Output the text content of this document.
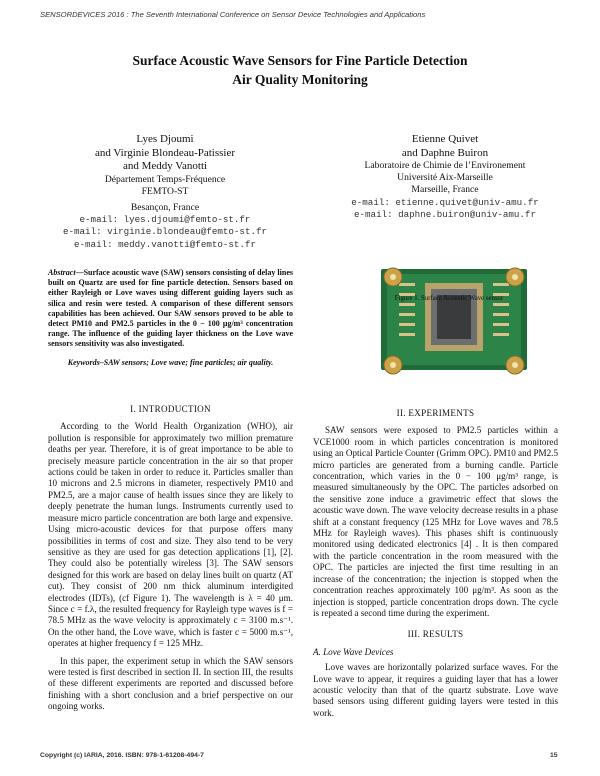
SENSORDEVICES 2016 : The Seventh International Conference on Sensor Device Technologies and Applications
Surface Acoustic Wave Sensors for Fine Particle Detection
Air Quality Monitoring
Lyes Djoumi
and Virginie Blondeau-Patissier
and Meddy Vanotti
Département Temps-Fréquence
FEMTO-ST
Besançon, France
e-mail: lyes.djoumi@femto-st.fr
e-mail: virginie.blondeau@femto-st.fr
e-mail: meddy.vanotti@femto-st.fr
Etienne Quivet
and Daphne Buiron
Laboratoire de Chimie de l’Environement
Université Aix-Marseille
Marseille, France
e-mail: etienne.quivet@univ-amu.fr
e-mail: daphne.buiron@univ-amu.fr
Abstract—Surface acoustic wave (SAW) sensors consisting of delay lines built on Quartz are used for fine particle detection. Sensors based on either Rayleigh or Love waves using different guiding layers such as silica and resin were tested. A comparison of these different sensors capabilities has been achieved. Our SAW sensors proved to be able to detect PM10 and PM2.5 particles in the 0 − 100 μg/m³ concentration range. The influence of the guiding layer thickness on the Love wave sensors sensitivity was also investigated.
Keywords–SAW sensors; Love wave; fine particles; air quality.
I. INTRODUCTION

According to the World Health Organization (WHO), air pollution is responsible for approximately two million premature deaths per year. Therefore, it is of great importance to be able to precisely measure particle concentration in the air so that proper actions could be taken in order to reduce it. Particles smaller than 10 microns and 2.5 microns in diameter, respectively PM10 and PM2.5, are a major cause of health issues since they are likely to deeply penetrate the human lungs. Instruments currently used to measure micro particle concentration are both large and expensive. Using micro-acoustic devices for that purpose offers many possibilities in terms of cost and size. They also tend to be very sensitive as they are used for gas detection applications [1], [2]. They could also be potentially wireless [3]. The SAW sensors designed for this work are based on delay lines built on quartz (AT cut). They consist of 200 nm thick aluminum interdigited electrodes (IDTs), (cf Figure 1). The wavelength is λ = 40 μm. Since c = f.λ, the resulted frequency for Rayleigh type waves is f = 78.5 MHz as the wave velocity is approximately c = 3100 m.s⁻¹. On the other hand, the Love wave, which is faster c = 5000 m.s⁻¹, operates at higher frequency f = 125 MHz.

In this paper, the experiment setup in which the SAW sensors were tested is first described in section II. In section III, the results of these different experiments are reported and discussed before finishing with a short conclusion and a brief perspective on our ongoing works.

Figure 1. Surface Acoustic Wave sensor
II. EXPERIMENTS

SAW sensors were exposed to PM2.5 particles within a VCE1000 room in which particles concentration is monitored using an Optical Particle Counter (Grimm OPC). PM10 and PM2.5 micro particles are generated from a burning candle. Particle concentration, which varies in the 0 − 100 μg/m³ range, is measured simultaneously by the OPC. The particles adsorbed on the sensitive zone induce a gravimetric effect that slows the acoustic wave down. The wave velocity decrease results in a phase shift at a constant frequency (125 MHz for Love waves and 78.5 MHz for Rayleigh waves). This phases shift is continuously monitored using dedicated electronics [4] . It is then compared with the particle concentration in the room measured with the OPC. The particles are injected the first time resulting in an increase of the concentration; the injection is stopped when the concentration reaches approximately 100 μg/m³. As soon as the injection is stopped, particle concentration drops down. The cycle is repeated a second time during the experiment.

III. RESULTS
A. Love Wave Devices

Love waves are horizontally polarized surface waves. For the Love wave to appear, it requires a guiding layer that has a lower acoustic velocity than that of the quartz substrate. Love wave based sensors using different guiding layers were tested in this work.

Copyright (c) IARIA, 2016. ISBN: 978-1-61208-494-7	15
